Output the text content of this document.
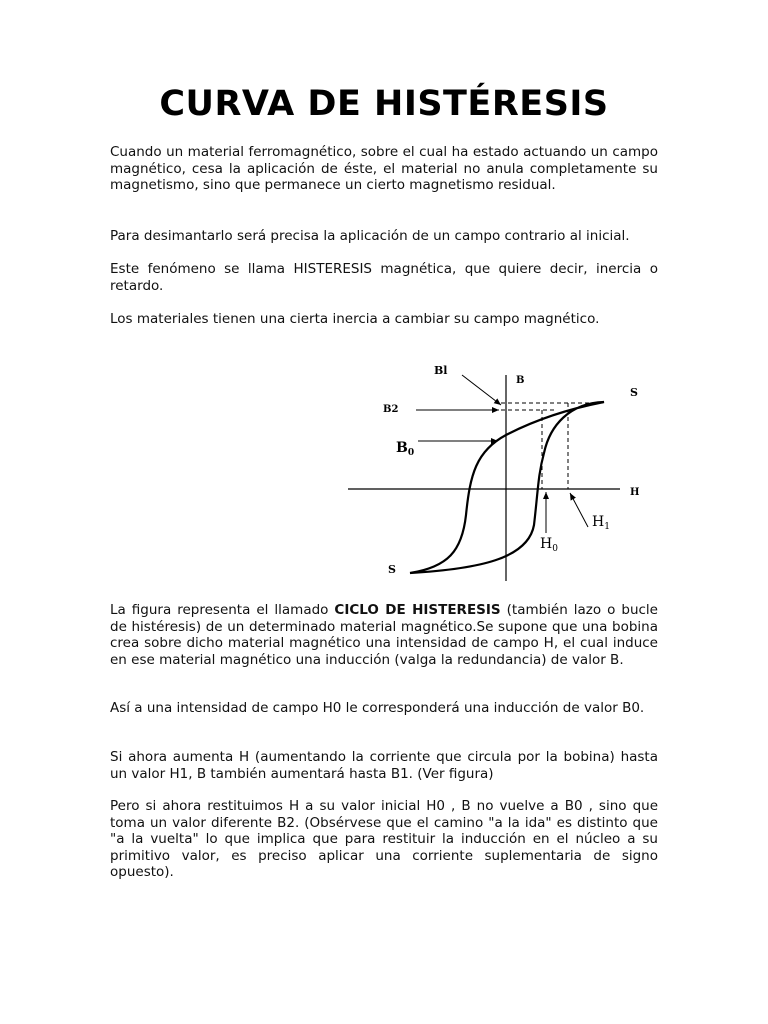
CURVA DE HISTÉRESIS

Cuando un material ferromagnético, sobre el cual ha estado actuando un campo magnético, cesa la aplicación de éste, el material no anula completamente su magnetismo, sino que permanece un cierto magnetismo residual.

Para desimantarlo será precisa la aplicación de un campo contrario al inicial.

Este fenómeno se llama HISTERESIS magnética, que quiere decir, inercia o retardo.

Los materiales tienen una cierta inercia a cambiar su campo magnético.

Bl
B
S
B2
$B_0$
H
$H_1$
$H_0$
S

La figura representa el llamado CICLO DE HISTERESIS (también lazo o bucle de histéresis) de un determinado material magnético.Se supone que una bobina crea sobre dicho material magnético una intensidad de campo H, el cual induce en ese material magnético una inducción (valga la redundancia) de valor B.

Así a una intensidad de campo H0 le corresponderá una inducción de valor B0.

Si ahora aumenta H (aumentando la corriente que circula por la bobina) hasta un valor H1, B también aumentará hasta B1. (Ver figura)

Pero si ahora restituimos H a su valor inicial H0 , B no vuelve a B0 , sino que toma un valor diferente B2. (Obsérvese que el camino "a la ida" es distinto que "a la vuelta" lo que implica que para restituir la inducción en el núcleo a su primitivo valor, es preciso aplicar una corriente suplementaria de signo opuesto).
